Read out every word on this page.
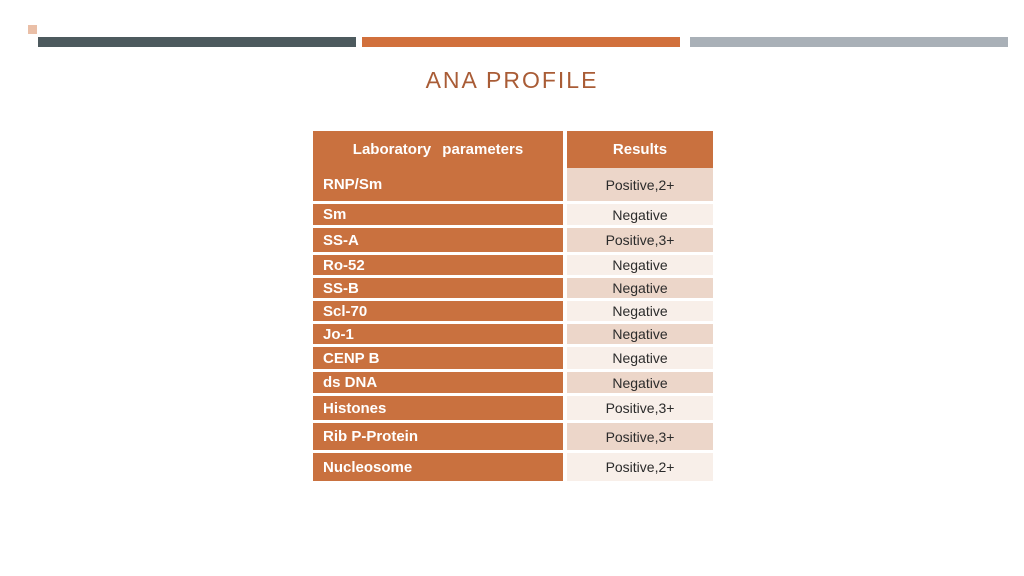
ANA PROFILE
Laboratory parameters	Results
RNP/Sm	Positive,2+
Sm	Negative
SS-A	Positive,3+
Ro-52	Negative
SS-B	Negative
Scl-70	Negative
Jo-1	Negative
CENP B	Negative
ds DNA	Negative
Histones	Positive,3+
Rib P-Protein	Positive,3+
Nucleosome	Positive,2+
